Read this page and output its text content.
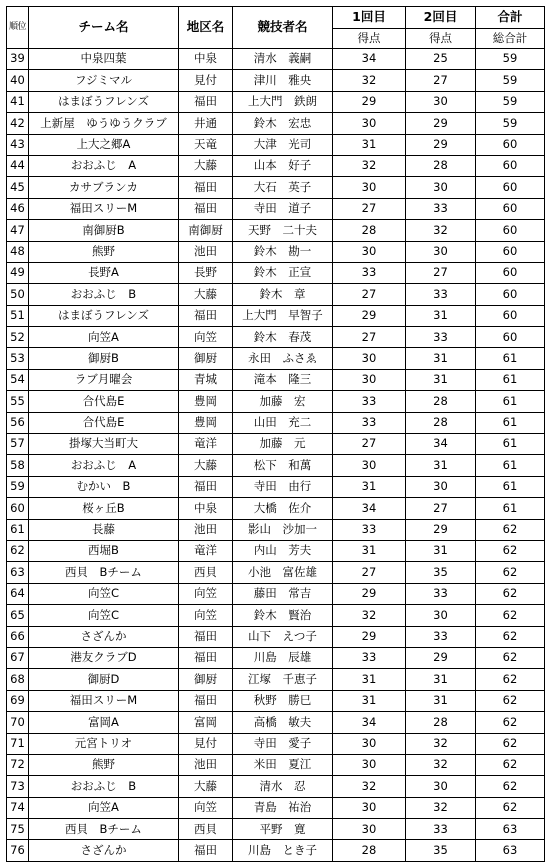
順位	チーム名	地区名	競技者名	1回目	2回目	合計
				得点	得点	総合計
39	中泉四葉	中泉	清水　義嗣	34	25	59
40	フジミマル	見付	津川　雅央	32	27	59
41	はまぼうフレンズ	福田	上大門　鉄朗	29	30	59
42	上新屋　ゆうゆうクラブ	井通	鈴木　宏忠	30	29	59
43	上大之郷A	天竜	大津　光司	31	29	60
44	おおふじ　A	大藤	山本　好子	32	28	60
45	カサブランカ	福田	大石　英子	30	30	60
46	福田スリーM	福田	寺田　道子	27	33	60
47	南御厨B	南御厨	天野　二十夫	28	32	60
48	熊野	池田	鈴木　勘一	30	30	60
49	長野A	長野	鈴木　正宣	33	27	60
50	おおふじ　B	大藤	鈴木　章	27	33	60
51	はまぼうフレンズ	福田	上大門　早智子	29	31	60
52	向笠A	向笠	鈴木　春茂	27	33	60
53	御厨B	御厨	永田　ふさゑ	30	31	61
54	ラブ月曜会	青城	滝本　隆三	30	31	61
55	合代島E	豊岡	加藤　宏	33	28	61
56	合代島E	豊岡	山田　充二	33	28	61
57	掛塚大当町大	竜洋	加藤　元	27	34	61
58	おおふじ　A	大藤	松下　和萬	30	31	61
59	むかい　B	福田	寺田　由行	31	30	61
60	桜ヶ丘B	中泉	大橋　佐介	34	27	61
61	長藤	池田	影山　沙加一	33	29	62
62	西堀B	竜洋	内山　芳夫	31	31	62
63	西貝　Bチーム	西貝	小池　富佐雄	27	35	62
64	向笠C	向笠	藤田　常吉	29	33	62
65	向笠C	向笠	鈴木　賢治	32	30	62
66	さざんか	福田	山下　えつ子	29	33	62
67	港友クラブD	福田	川島　辰雄	33	29	62
68	御厨D	御厨	江塚　千恵子	31	31	62
69	福田スリーM	福田	秋野　勝巳	31	31	62
70	富岡A	富岡	高橋　敏夫	34	28	62
71	元宮トリオ	見付	寺田　愛子	30	32	62
72	熊野	池田	米田　夏江	30	32	62
73	おおふじ　B	大藤	清水　忍	32	30	62
74	向笠A	向笠	青島　祐治	30	32	62
75	西貝　Bチーム	西貝	平野　寛	30	33	63
76	さざんか	福田	川島　とき子	28	35	63
